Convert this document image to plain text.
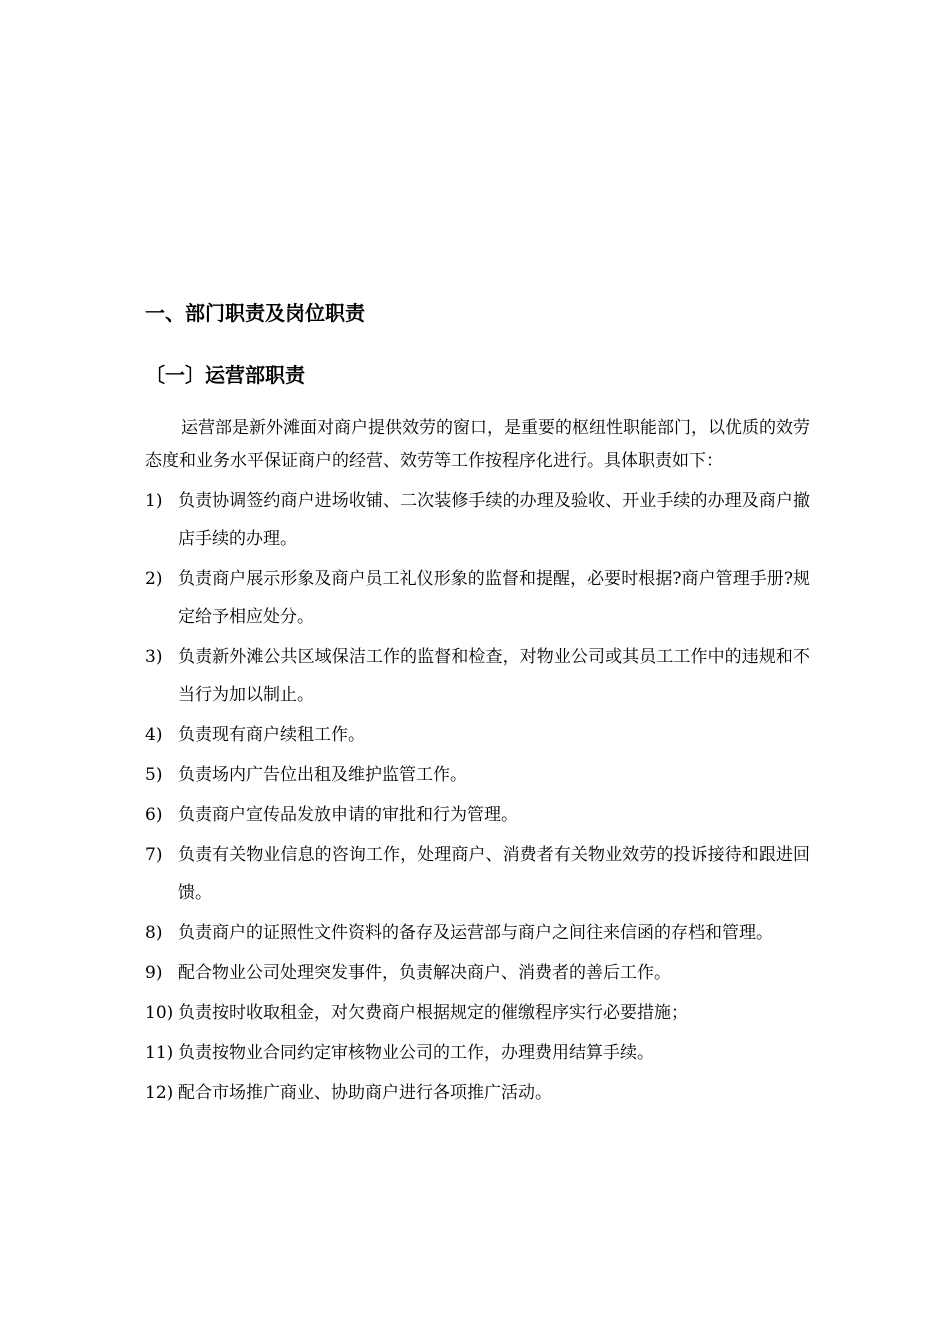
一、部门职责及岗位职责
〔一〕运营部职责

运营部是新外滩面对商户提供效劳的窗口，是重要的枢纽性职能部门，以优质的效劳态度和业务水平保证商户的经营、效劳等工作按程序化进行。具体职责如下：

1) 负责协调签约商户进场收铺、二次装修手续的办理及验收、开业手续的办理及商户撤店手续的办理。
2) 负责商户展示形象及商户员工礼仪形象的监督和提醒，必要时根据?商户管理手册?规定给予相应处分。
3) 负责新外滩公共区域保洁工作的监督和检查，对物业公司或其员工工作中的违规和不当行为加以制止。
4) 负责现有商户续租工作。
5) 负责场内广告位出租及维护监管工作。
6) 负责商户宣传品发放申请的审批和行为管理。
7) 负责有关物业信息的咨询工作，处理商户、消费者有关物业效劳的投诉接待和跟进回馈。
8) 负责商户的证照性文件资料的备存及运营部与商户之间往来信函的存档和管理。
9) 配合物业公司处理突发事件，负责解决商户、消费者的善后工作。
10) 负责按时收取租金，对欠费商户根据规定的催缴程序实行必要措施；
11) 负责按物业合同约定审核物业公司的工作，办理费用结算手续。
12) 配合市场推广商业、协助商户进行各项推广活动。
